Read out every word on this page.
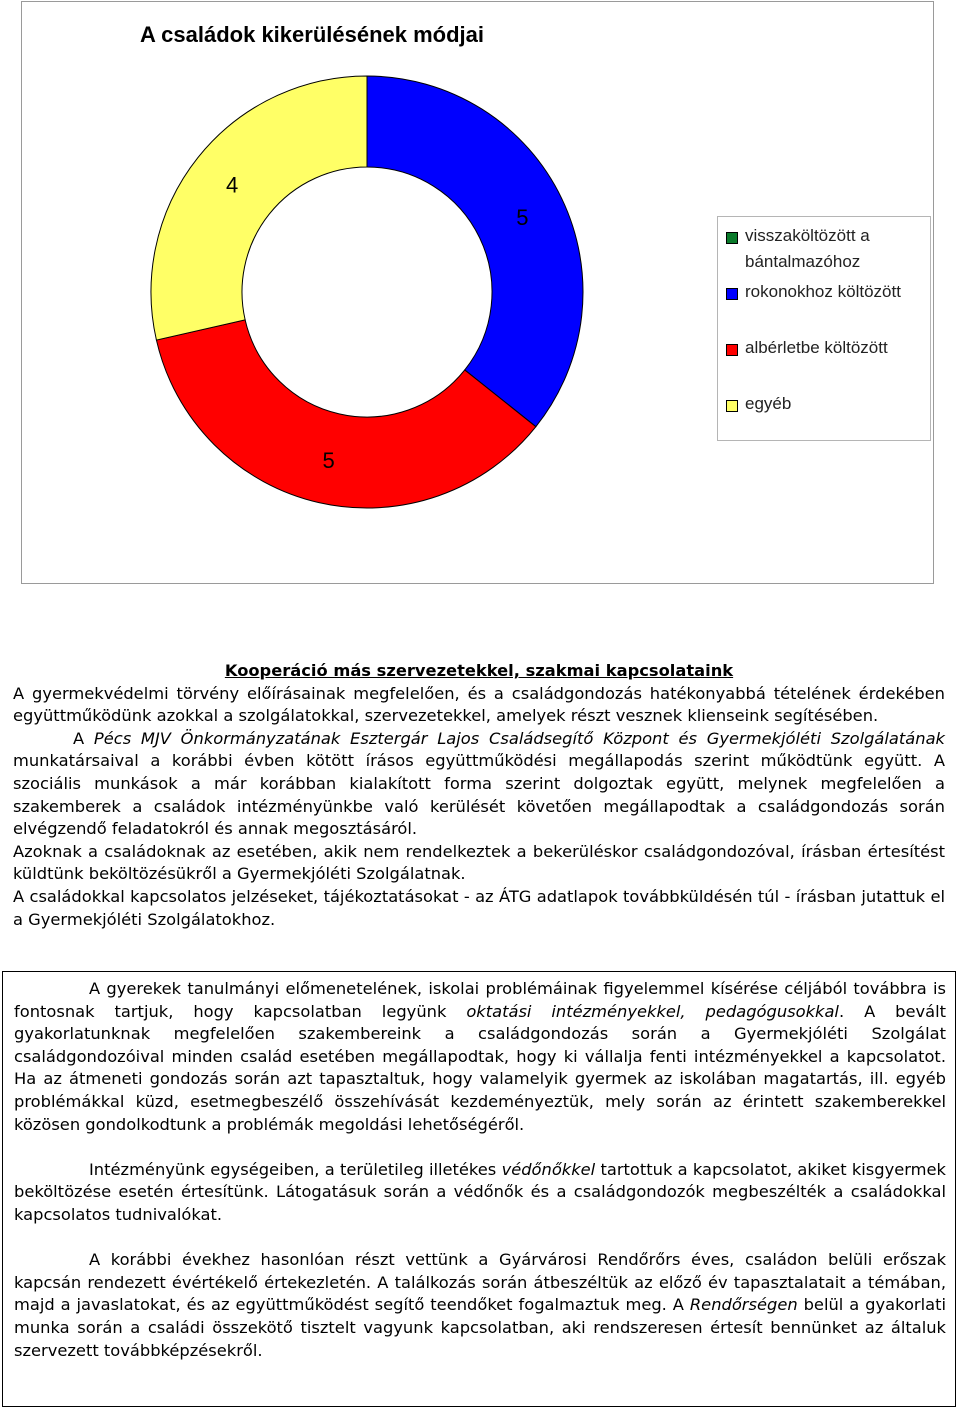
A családok kikerülésének módjai
5
5
4
visszaköltözött a bántalmazóhoz
rokonokhoz költözött
albérletbe költözött
egyéb
Kooperáció más szervezetekkel, szakmai kapcsolataink

A gyermekvédelmi törvény előírásainak megfelelően, és a családgondozás hatékonyabbá tételének érdekében együttműködünk azokkal a szolgálatokkal, szervezetekkel, amelyek részt vesznek klienseink segítésében.

A Pécs MJV Önkormányzatának Esztergár Lajos Családsegítő Központ és Gyermekjóléti Szolgálatának munkatársaival a korábbi évben kötött írásos együttműködési megállapodás szerint működtünk együtt. A szociális munkások a már korábban kialakított forma szerint dolgoztak együtt, melynek megfelelően a szakemberek a családok intézményünkbe való kerülését követően megállapodtak a családgondozás során elvégzendő feladatokról és annak megosztásáról.

Azoknak a családoknak az esetében, akik nem rendelkeztek a bekerüléskor családgondozóval, írásban értesítést küldtünk beköltözésükről a Gyermekjóléti Szolgálatnak.

A családokkal kapcsolatos jelzéseket, tájékoztatásokat - az ÁTG adatlapok továbbküldésén túl - írásban jutattuk el a Gyermekjóléti Szolgálatokhoz.

A gyerekek tanulmányi előmenetelének, iskolai problémáinak figyelemmel kísérése céljából továbbra is fontosnak tartjuk, hogy kapcsolatban legyünk oktatási intézményekkel, pedagógusokkal. A bevált gyakorlatunknak megfelelően szakembereink a családgondozás során a Gyermekjóléti Szolgálat családgondozóival minden család esetében megállapodtak, hogy ki vállalja fenti intézményekkel a kapcsolatot. Ha az átmeneti gondozás során azt tapasztaltuk, hogy valamelyik gyermek az iskolában magatartás, ill. egyéb problémákkal küzd, esetmegbeszélő összehívását kezdeményeztük, mely során az érintett szakemberekkel közösen gondolkodtunk a problémák megoldási lehetőségéről.

Intézményünk egységeiben, a területileg illetékes védőnőkkel tartottuk a kapcsolatot, akiket kisgyermek beköltözése esetén értesítünk. Látogatásuk során a védőnők és a családgondozók megbeszélték a családokkal kapcsolatos tudnivalókat.

A korábbi évekhez hasonlóan részt vettünk a Gyárvárosi Rendőrőrs éves, családon belüli erőszak kapcsán rendezett évértékelő értekezletén. A találkozás során átbeszéltük az előző év tapasztalatait a témában, majd a javaslatokat, és az együttműködést segítő teendőket fogalmaztuk meg. A Rendőrségen belül a gyakorlati munka során a családi összekötő tisztelt vagyunk kapcsolatban, aki rendszeresen értesít bennünket az általuk szervezett továbbképzésekről.
